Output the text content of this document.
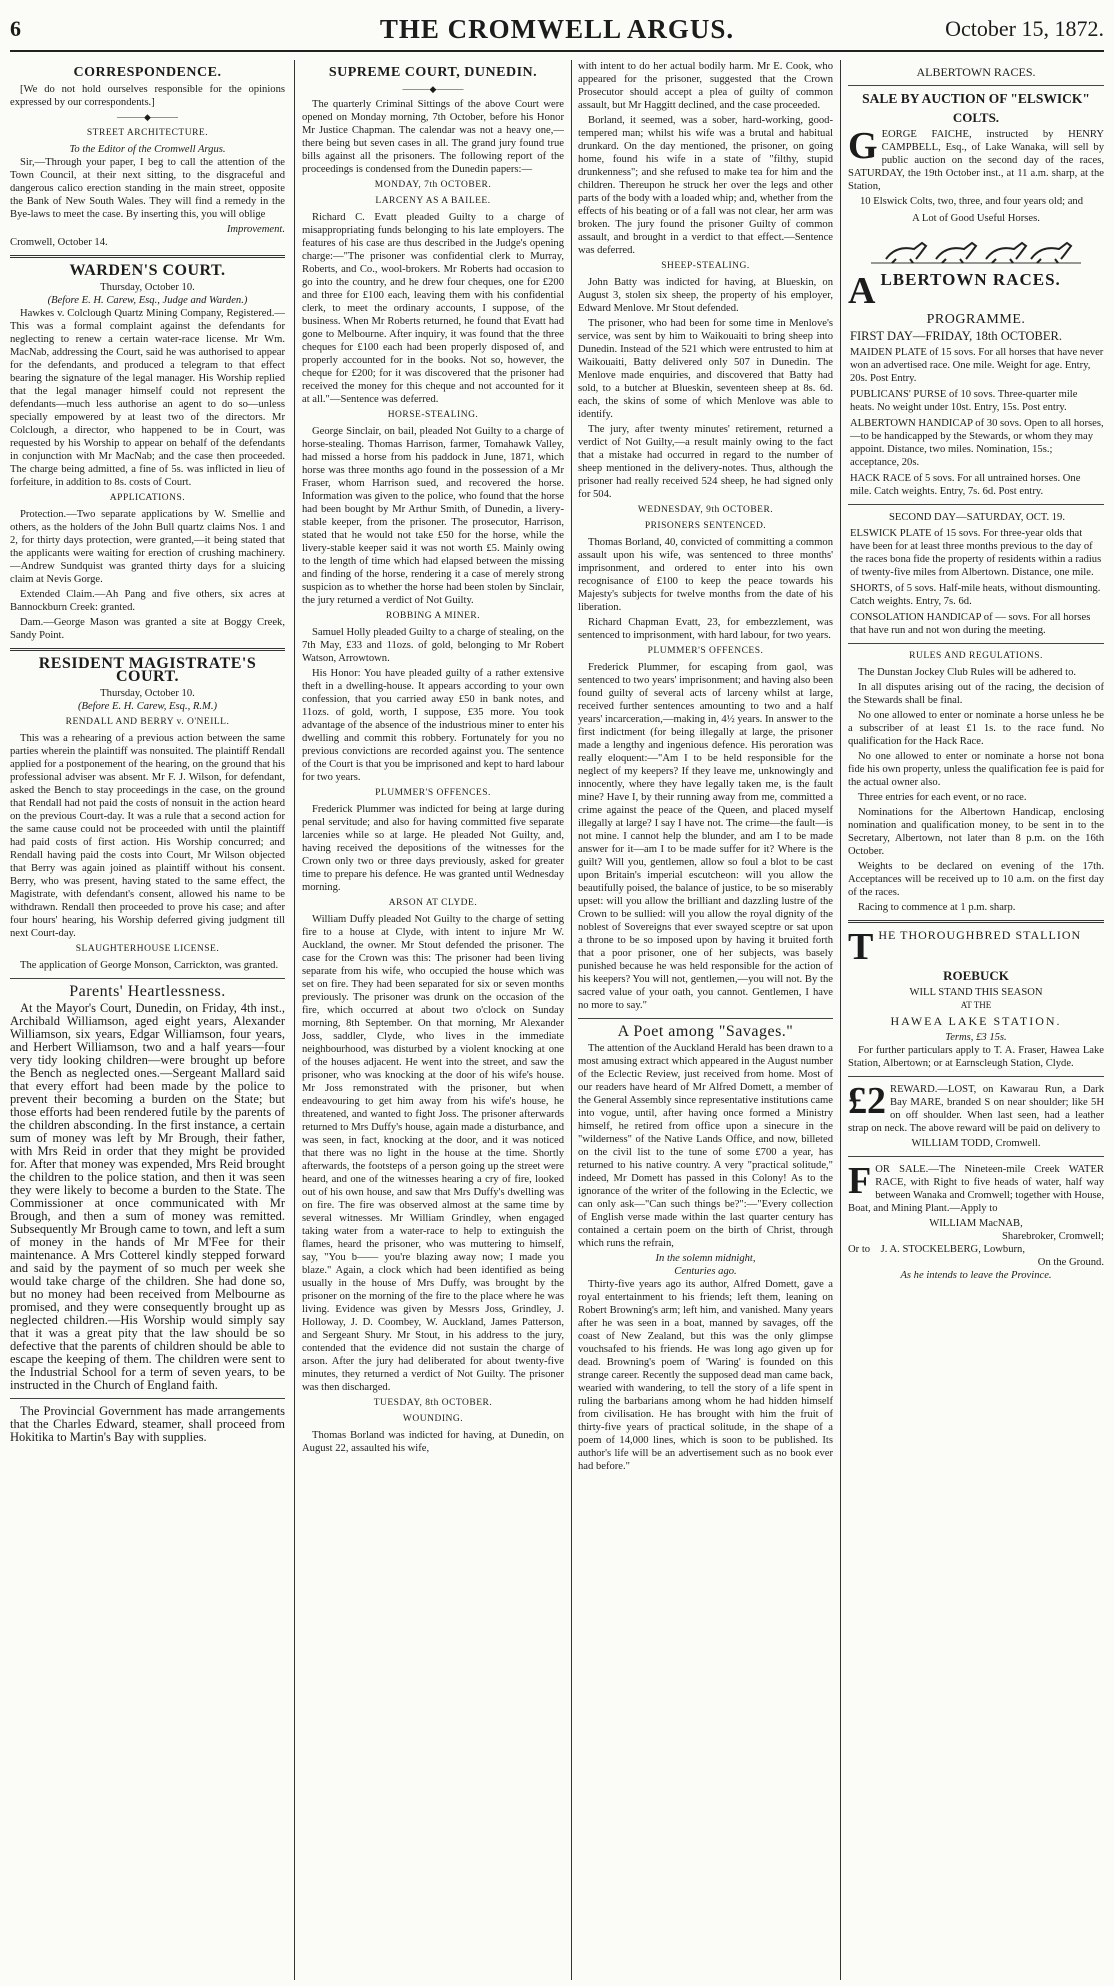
6	THE CROMWELL ARGUS.	October 15, 1872.
CORRESPONDENCE.

[We do not hold ourselves responsible for the opinions expressed by our correspondents.]

———◆———
STREET ARCHITECTURE.
To the Editor of the Cromwell Argus.

Sir,—Through your paper, I beg to call the attention of the Town Council, at their next sitting, to the disgraceful and dangerous calico erection standing in the main street, opposite the Bank of New South Wales. They will find a remedy in the Bye-laws to meet the case. By inserting this, you will oblige

Improvement.
Cromwell, October 14.
WARDEN'S COURT.
Thursday, October 10.
(Before E. H. Carew, Esq., Judge and Warden.)

Hawkes v. Colclough Quartz Mining Company, Registered.—This was a formal complaint against the defendants for neglecting to renew a certain water-race license. Mr Wm. MacNab, addressing the Court, said he was authorised to appear for the defendants, and produced a telegram to that effect bearing the signature of the legal manager. His Worship replied that the legal manager himself could not represent the defendants—much less authorise an agent to do so—unless specially empowered by at least two of the directors. Mr Colclough, a director, who happened to be in Court, was requested by his Worship to appear on behalf of the defendants in conjunction with Mr MacNab; and the case then proceeded. The charge being admitted, a fine of 5s. was inflicted in lieu of forfeiture, in addition to 8s. costs of Court.

APPLICATIONS.

Protection.—Two separate applications by W. Smellie and others, as the holders of the John Bull quartz claims Nos. 1 and 2, for thirty days protection, were granted,—it being stated that the applicants were waiting for erection of crushing machinery.—Andrew Sundquist was granted thirty days for a sluicing claim at Nevis Gorge.

Extended Claim.—Ah Pang and five others, six acres at Bannockburn Creek: granted.

Dam.—George Mason was granted a site at Boggy Creek, Sandy Point.

RESIDENT MAGISTRATE'S COURT.
Thursday, October 10.
(Before E. H. Carew, Esq., R.M.)
RENDALL AND BERRY v. O'NEILL.

This was a rehearing of a previous action between the same parties wherein the plaintiff was nonsuited. The plaintiff Rendall applied for a postponement of the hearing, on the ground that his professional adviser was absent. Mr F. J. Wilson, for defendant, asked the Bench to stay proceedings in the case, on the ground that Rendall had not paid the costs of nonsuit in the action heard on the previous Court-day. It was a rule that a second action for the same cause could not be proceeded with until the plaintiff had paid costs of first action. His Worship concurred; and Rendall having paid the costs into Court, Mr Wilson objected that Berry was again joined as plaintiff without his consent. Berry, who was present, having stated to the same effect, the Magistrate, with defendant's consent, allowed his name to be withdrawn. Rendall then proceeded to prove his case; and after four hours' hearing, his Worship deferred giving judgment till next Court-day.

SLAUGHTERHOUSE LICENSE.

The application of George Monson, Carrickton, was granted.

Parents' Heartlessness.

At the Mayor's Court, Dunedin, on Friday, 4th inst., Archibald Williamson, aged eight years, Alexander Williamson, six years, Edgar Williamson, four years, and Herbert Williamson, two and a half years—four very tidy looking children—were brought up before the Bench as neglected ones.—Sergeant Mallard said that every effort had been made by the police to prevent their becoming a burden on the State; but those efforts had been rendered futile by the parents of the children absconding. In the first instance, a certain sum of money was left by Mr Brough, their father, with Mrs Reid in order that they might be provided for. After that money was expended, Mrs Reid brought the children to the police station, and then it was seen they were likely to become a burden to the State. The Commissioner at once communicated with Mr Brough, and then a sum of money was remitted. Subsequently Mr Brough came to town, and left a sum of money in the hands of Mr M'Fee for their maintenance. A Mrs Cotterel kindly stepped forward and said by the payment of so much per week she would take charge of the children. She had done so, but no money had been received from Melbourne as promised, and they were consequently brought up as neglected children.—His Worship would simply say that it was a great pity that the law should be so defective that the parents of children should be able to escape the keeping of them. The children were sent to the Industrial School for a term of seven years, to be instructed in the Church of England faith.

The Provincial Government has made arrangements that the Charles Edward, steamer, shall proceed from Hokitika to Martin's Bay with supplies.

SUPREME COURT, DUNEDIN.
———◆———

The quarterly Criminal Sittings of the above Court were opened on Monday morning, 7th October, before his Honor Mr Justice Chapman. The calendar was not a heavy one,—there being but seven cases in all. The grand jury found true bills against all the prisoners. The following report of the proceedings is condensed from the Dunedin papers:—

MONDAY, 7th OCTOBER.
LARCENY AS A BAILEE.

Richard C. Evatt pleaded Guilty to a charge of misappropriating funds belonging to his late employers. The features of his case are thus described in the Judge's opening charge:—"The prisoner was confidential clerk to Murray, Roberts, and Co., wool-brokers. Mr Roberts had occasion to go into the country, and he drew four cheques, one for £200 and three for £100 each, leaving them with his confidential clerk, to meet the ordinary accounts, I suppose, of the business. When Mr Roberts returned, he found that Evatt had gone to Melbourne. After inquiry, it was found that the three cheques for £100 each had been properly disposed of, and properly accounted for in the books. Not so, however, the cheque for £200; for it was discovered that the prisoner had received the money for this cheque and not accounted for it at all."—Sentence was deferred.

HORSE-STEALING.

George Sinclair, on bail, pleaded Not Guilty to a charge of horse-stealing. Thomas Harrison, farmer, Tomahawk Valley, had missed a horse from his paddock in June, 1871, which horse was three months ago found in the possession of a Mr Fraser, whom Harrison sued, and recovered the horse. Information was given to the police, who found that the horse had been bought by Mr Arthur Smith, of Dunedin, a livery-stable keeper, from the prisoner. The prosecutor, Harrison, stated that he would not take £50 for the horse, while the livery-stable keeper said it was not worth £5. Mainly owing to the length of time which had elapsed between the missing and finding of the horse, rendering it a case of merely strong suspicion as to whether the horse had been stolen by Sinclair, the jury returned a verdict of Not Guilty.

ROBBING A MINER.

Samuel Holly pleaded Guilty to a charge of stealing, on the 7th May, £33 and 11ozs. of gold, belonging to Mr Robert Watson, Arrowtown.

His Honor: You have pleaded guilty of a rather extensive theft in a dwelling-house. It appears according to your own confession, that you carried away £50 in bank notes, and 11ozs. of gold, worth, I suppose, £35 more. You took advantage of the absence of the industrious miner to enter his dwelling and commit this robbery. Fortunately for you no previous convictions are recorded against you. The sentence of the Court is that you be imprisoned and kept to hard labour for two years.

PLUMMER'S OFFENCES.

Frederick Plummer was indicted for being at large during penal servitude; and also for having committed five separate larcenies while so at large. He pleaded Not Guilty, and, having received the depositions of the witnesses for the Crown only two or three days previously, asked for greater time to prepare his defence. He was granted until Wednesday morning.

ARSON AT CLYDE.

William Duffy pleaded Not Guilty to the charge of setting fire to a house at Clyde, with intent to injure Mr W. Auckland, the owner. Mr Stout defended the prisoner. The case for the Crown was this: The prisoner had been living separate from his wife, who occupied the house which was set on fire. They had been separated for six or seven months previously. The prisoner was drunk on the occasion of the fire, which occurred at about two o'clock on Sunday morning, 8th September. On that morning, Mr Alexander Joss, saddler, Clyde, who lives in the immediate neighbourhood, was disturbed by a violent knocking at one of the houses adjacent. He went into the street, and saw the prisoner, who was knocking at the door of his wife's house. Mr Joss remonstrated with the prisoner, but when endeavouring to get him away from his wife's house, he threatened, and wanted to fight Joss. The prisoner afterwards returned to Mrs Duffy's house, again made a disturbance, and was seen, in fact, knocking at the door, and it was noticed that there was no light in the house at the time. Shortly afterwards, the footsteps of a person going up the street were heard, and one of the witnesses hearing a cry of fire, looked out of his own house, and saw that Mrs Duffy's dwelling was on fire. The fire was observed almost at the same time by several witnesses. Mr William Grindley, when engaged taking water from a water-race to help to extinguish the flames, heard the prisoner, who was muttering to himself, say, "You b—— you're blazing away now; I made you blaze." Again, a clock which had been identified as being usually in the house of Mrs Duffy, was brought by the prisoner on the morning of the fire to the place where he was living. Evidence was given by Messrs Joss, Grindley, J. Holloway, J. D. Coombey, W. Auckland, James Patterson, and Sergeant Shury. Mr Stout, in his address to the jury, contended that the evidence did not sustain the charge of arson. After the jury had deliberated for about twenty-five minutes, they returned a verdict of Not Guilty. The prisoner was then discharged.

TUESDAY, 8th OCTOBER.
WOUNDING.

Thomas Borland was indicted for having, at Dunedin, on August 22, assaulted his wife,

with intent to do her actual bodily harm. Mr E. Cook, who appeared for the prisoner, suggested that the Crown Prosecutor should accept a plea of guilty of common assault, but Mr Haggitt declined, and the case proceeded.

Borland, it seemed, was a sober, hard-working, good-tempered man; whilst his wife was a brutal and habitual drunkard. On the day mentioned, the prisoner, on going home, found his wife in a state of "filthy, stupid drunkenness"; and she refused to make tea for him and the children. Thereupon he struck her over the legs and other parts of the body with a loaded whip; and, whether from the effects of his beating or of a fall was not clear, her arm was broken. The jury found the prisoner Guilty of common assault, and brought in a verdict to that effect.—Sentence was deferred.

SHEEP-STEALING.

John Batty was indicted for having, at Blueskin, on August 3, stolen six sheep, the property of his employer, Edward Menlove. Mr Stout defended.

The prisoner, who had been for some time in Menlove's service, was sent by him to Waikouaiti to bring sheep into Dunedin. Instead of the 521 which were entrusted to him at Waikouaiti, Batty delivered only 507 in Dunedin. The Menlove made enquiries, and discovered that Batty had sold, to a butcher at Blueskin, seventeen sheep at 8s. 6d. each, the skins of some of which Menlove was able to identify.

The jury, after twenty minutes' retirement, returned a verdict of Not Guilty,—a result mainly owing to the fact that a mistake had occurred in regard to the number of sheep mentioned in the delivery-notes. Thus, although the prisoner had really received 524 sheep, he had signed only for 504.

WEDNESDAY, 9th OCTOBER.
PRISONERS SENTENCED.

Thomas Borland, 40, convicted of committing a common assault upon his wife, was sentenced to three months' imprisonment, and ordered to enter into his own recognisance of £100 to keep the peace towards his Majesty's subjects for twelve months from the date of his liberation.

Richard Chapman Evatt, 23, for embezzlement, was sentenced to imprisonment, with hard labour, for two years.

PLUMMER'S OFFENCES.

Frederick Plummer, for escaping from gaol, was sentenced to two years' imprisonment; and having also been found guilty of several acts of larceny whilst at large, received further sentences amounting to two and a half years' incarceration,—making in, 4½ years. In answer to the first indictment (for being illegally at large, the prisoner made a lengthy and ingenious defence. His peroration was really eloquent:—"Am I to be held responsible for the neglect of my keepers? If they leave me, unknowingly and innocently, where they have legally taken me, is the fault mine? Have I, by their running away from me, committed a crime against the peace of the Queen, and placed myself illegally at large? I say I have not. The crime—the fault—is not mine. I cannot help the blunder, and am I to be made answer for it—am I to be made suffer for it? Where is the guilt? Will you, gentlemen, allow so foul a blot to be cast upon Britain's imperial escutcheon: will you allow the beautifully poised, the balance of justice, to be so miserably upset: will you allow the brilliant and dazzling lustre of the Crown to be sullied: will you allow the royal dignity of the noblest of Sovereigns that ever swayed sceptre or sat upon a throne to be so imposed upon by having it bruited forth that a poor prisoner, one of her subjects, was basely punished because he was held responsible for the action of his keepers? You will not, gentlemen,—you will not. By the sacred value of your oath, you cannot. Gentlemen, I have no more to say."

A Poet among "Savages."

The attention of the Auckland Herald has been drawn to a most amusing extract which appeared in the August number of the Eclectic Review, just received from home. Most of our readers have heard of Mr Alfred Domett, a member of the General Assembly since representative institutions came into vogue, until, after having once formed a Ministry himself, he retired from office upon a sinecure in the "wilderness" of the Native Lands Office, and now, billeted on the civil list to the tune of some £700 a year, has returned to his native country. A very "practical solitude," indeed, Mr Domett has passed in this Colony! As to the ignorance of the writer of the following in the Eclectic, we can only ask—"Can such things be?":—"Every collection of English verse made within the last quarter century has contained a certain poem on the birth of Christ, through which runs the refrain,

In the solemn midnight,
Centuries ago.

Thirty-five years ago its author, Alfred Domett, gave a royal entertainment to his friends; left them, leaning on Robert Browning's arm; left him, and vanished. Many years after he was seen in a boat, manned by savages, off the coast of New Zealand, but this was the only glimpse vouchsafed to his friends. He was long ago given up for dead. Browning's poem of 'Waring' is founded on this strange career. Recently the supposed dead man came back, wearied with wandering, to tell the story of a life spent in ruling the barbarians among whom he had hidden himself from civilisation. He has brought with him the fruit of thirty-five years of practical solitude, in the shape of a poem of 14,000 lines, which is soon to be published. Its author's life will be an advertisement such as no book ever had before."

ALBERTOWN RACES.
SALE BY AUCTION OF "ELSWICK"
COLTS.

GEORGE FAICHE, instructed by HENRY CAMPBELL, Esq., of Lake Wanaka, will sell by public auction on the second day of the races, SATURDAY, the 19th October inst., at 11 a.m. sharp, at the Station,

10 Elswick Colts, two, three, and four years old; and
A Lot of Good Useful Horses.
ALBERTOWN RACES.
PROGRAMME.
FIRST DAY—FRIDAY, 18th OCTOBER.
MAIDEN PLATE of 15 sovs. For all horses that have never won an advertised race. One mile. Weight for age. Entry, 20s. Post Entry.
PUBLICANS' PURSE of 10 sovs. Three-quarter mile heats. No weight under 10st. Entry, 15s. Post entry.
ALBERTOWN HANDICAP of 30 sovs. Open to all horses,—to be handicapped by the Stewards, or whom they may appoint. Distance, two miles. Nomination, 15s.; acceptance, 20s.
HACK RACE of 5 sovs. For all untrained horses. One mile. Catch weights. Entry, 7s. 6d. Post entry.
SECOND DAY—SATURDAY, OCT. 19.
ELSWICK PLATE of 15 sovs. For three-year olds that have been for at least three months previous to the day of the races bona fide the property of residents within a radius of twenty-five miles from Albertown. Distance, one mile.
SHORTS, of 5 sovs. Half-mile heats, without dismounting. Catch weights. Entry, 7s. 6d.
CONSOLATION HANDICAP of — sovs. For all horses that have run and not won during the meeting.
RULES AND REGULATIONS.

The Dunstan Jockey Club Rules will be adhered to.

In all disputes arising out of the racing, the decision of the Stewards shall be final.

No one allowed to enter or nominate a horse unless he be a subscriber of at least £1 1s. to the race fund. No qualification for the Hack Race.

No one allowed to enter or nominate a horse not bona fide his own property, unless the qualification fee is paid for the actual owner also.

Three entries for each event, or no race.

Nominations for the Albertown Handicap, enclosing nomination and qualification money, to be sent in to the Secretary, Albertown, not later than 8 p.m. on the 16th October.

Weights to be declared on evening of the 17th. Acceptances will be received up to 10 a.m. on the first day of the races.

Racing to commence at 1 p.m. sharp.

THE THOROUGHBRED STALLION
ROEBUCK
WILL STAND THIS SEASON
AT THE
HAWEA LAKE STATION.
Terms, £3 15s.

For further particulars apply to T. A. Fraser, Hawea Lake Station, Albertown; or at Earnscleugh Station, Clyde.

£2 REWARD.—LOST, on Kawarau Run, a Dark Bay MARE, branded S on near shoulder; like 5H on off shoulder. When last seen, had a leather strap on neck. The above reward will be paid on delivery to

WILLIAM TODD, Cromwell.

FOR SALE.—The Nineteen-mile Creek WATER RACE, with Right to five heads of water, half way between Wanaka and Cromwell; together with House, Boat, and Mining Plant.—Apply to

WILLIAM MacNAB,
Sharebroker, Cromwell;
Or to J. A. STOCKELBERG, Lowburn,
On the Ground.
As he intends to leave the Province.
